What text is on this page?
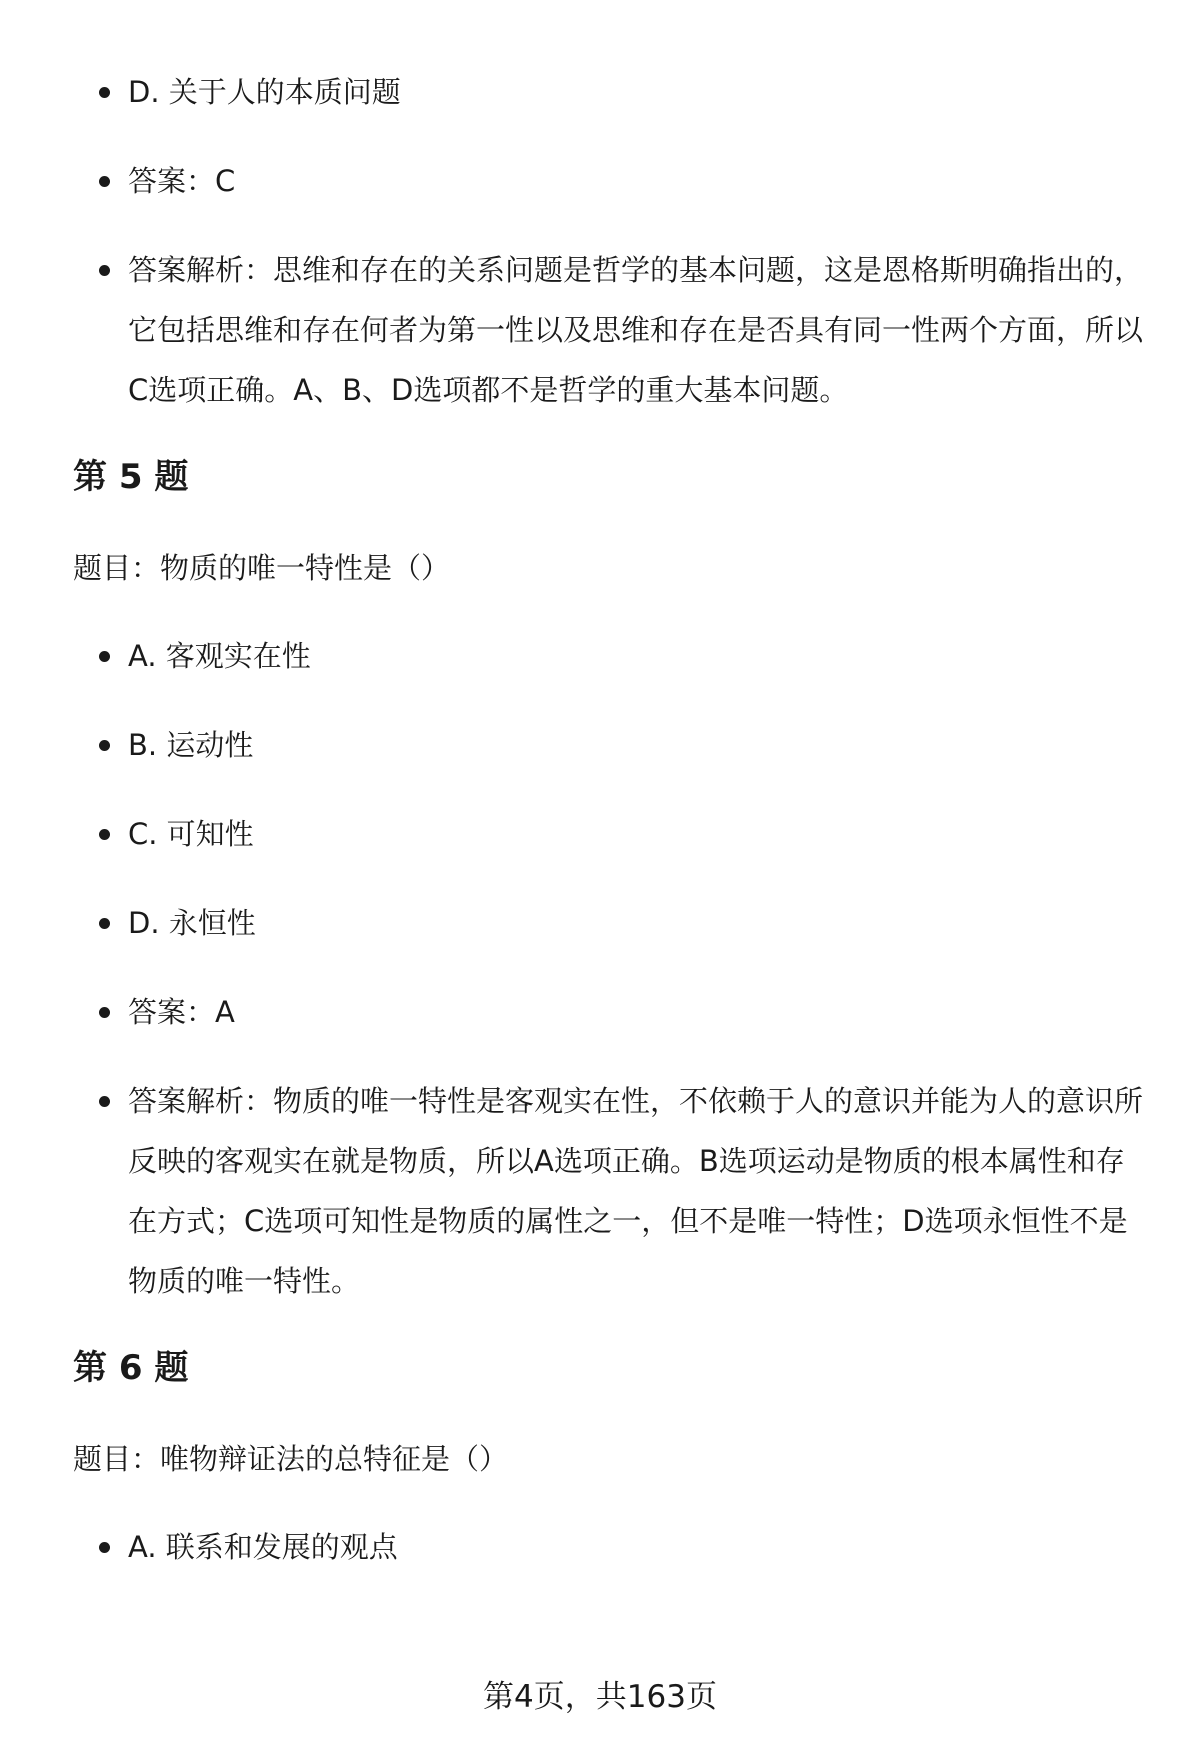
D. 关于人的本质问题
答案：C
答案解析：思维和存在的关系问题是哲学的基本问题，这是恩格斯明确指出的，它包括思维和存在何者为第一性以及思维和存在是否具有同一性两个方面，所以C选项正确。A、B、D选项都不是哲学的重大基本问题。
第 5 题
题目：物质的唯一特性是（）
A. 客观实在性
B. 运动性
C. 可知性
D. 永恒性
答案：A
答案解析：物质的唯一特性是客观实在性，不依赖于人的意识并能为人的意识所反映的客观实在就是物质，所以A选项正确。B选项运动是物质的根本属性和存在方式；C选项可知性是物质的属性之一，但不是唯一特性；D选项永恒性不是物质的唯一特性。
第 6 题
题目：唯物辩证法的总特征是（）
A. 联系和发展的观点
第4页，共163页
